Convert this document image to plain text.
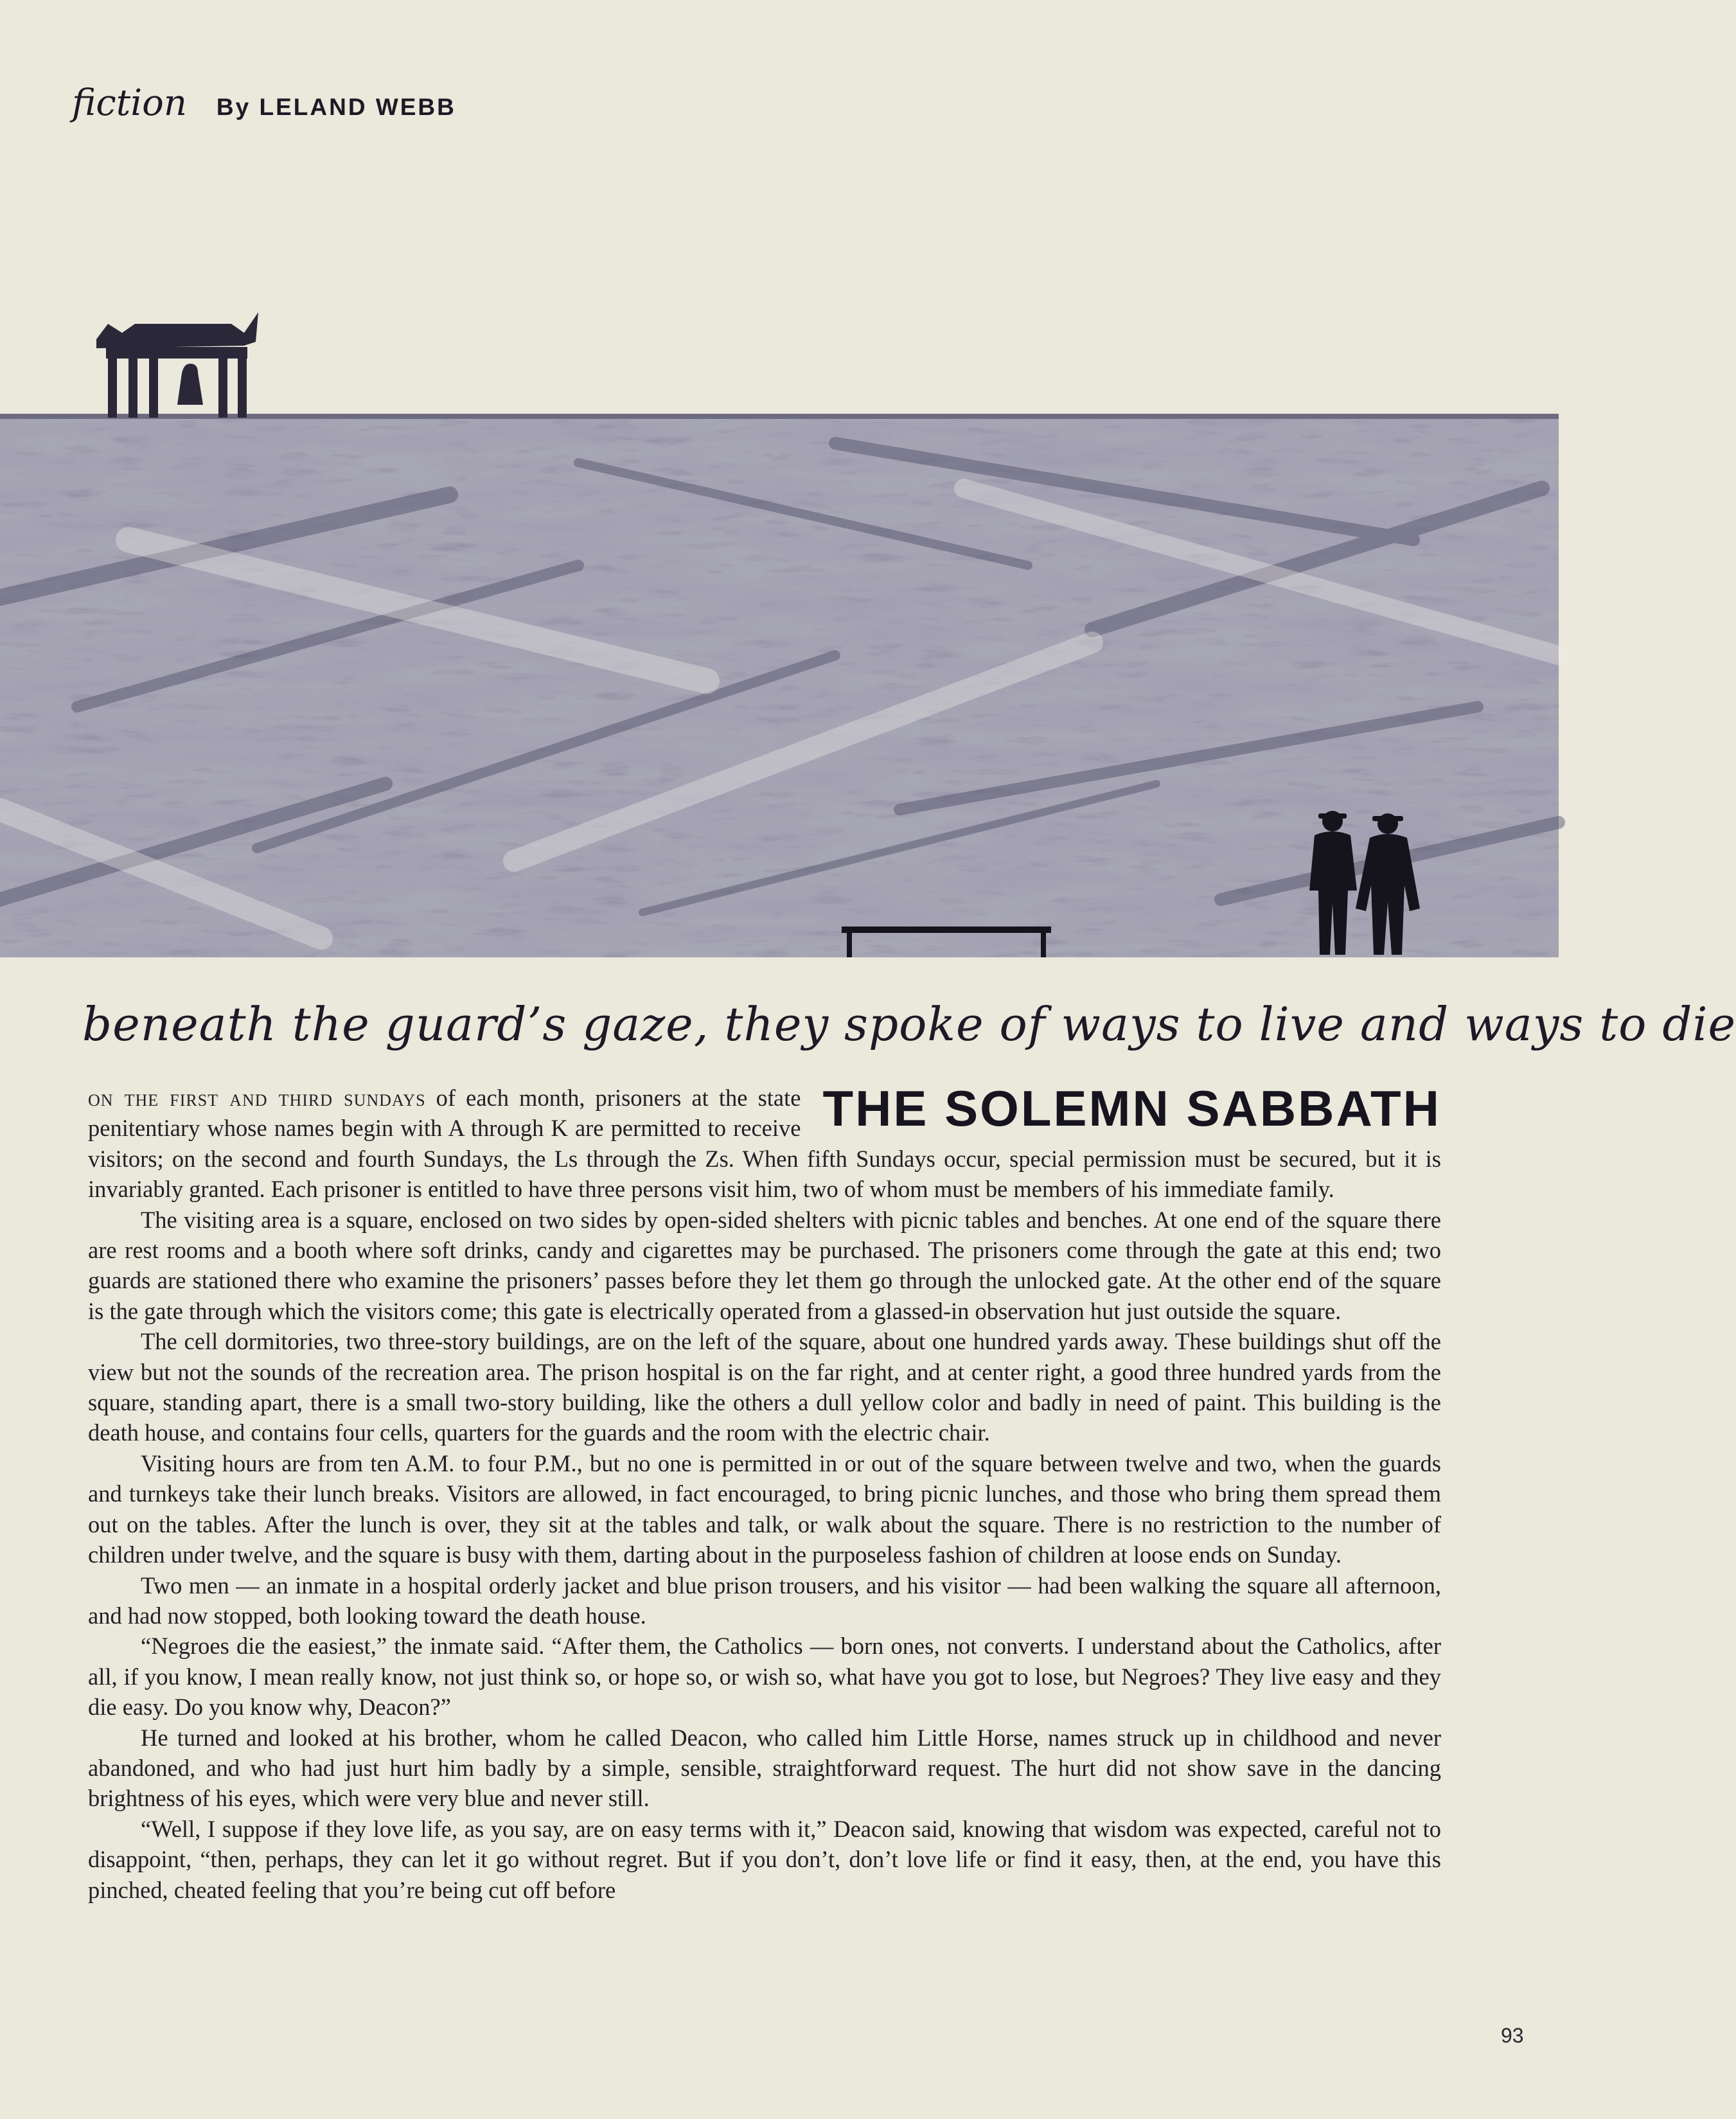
fiction By LELAND WEBB
beneath the guard’s gaze, they spoke of ways to live and ways to die
THE SOLEMN SABBATH

on the first and third sundays of each month, prisoners at the state penitentiary whose names begin with A through K are permitted to receive visitors; on the second and fourth Sundays, the Ls through the Zs. When fifth Sundays occur, special permission must be secured, but it is invariably granted. Each prisoner is entitled to have three persons visit him, two of whom must be members of his immediate family.

The visiting area is a square, enclosed on two sides by open-sided shelters with picnic tables and benches. At one end of the square there are rest rooms and a booth where soft drinks, candy and cigarettes may be purchased. The prisoners come through the gate at this end; two guards are stationed there who examine the prisoners’ passes before they let them go through the unlocked gate. At the other end of the square is the gate through which the visitors come; this gate is electrically operated from a glassed-in observation hut just outside the square.

The cell dormitories, two three-story buildings, are on the left of the square, about one hundred yards away. These buildings shut off the view but not the sounds of the recreation area. The prison hospital is on the far right, and at center right, a good three hundred yards from the square, standing apart, there is a small two-story building, like the others a dull yellow color and badly in need of paint. This building is the death house, and contains four cells, quarters for the guards and the room with the electric chair.

Visiting hours are from ten A.M. to four P.M., but no one is permitted in or out of the square between twelve and two, when the guards and turnkeys take their lunch breaks. Visitors are allowed, in fact encouraged, to bring picnic lunches, and those who bring them spread them out on the tables. After the lunch is over, they sit at the tables and talk, or walk about the square. There is no restriction to the number of children under twelve, and the square is busy with them, darting about in the purposeless fashion of children at loose ends on Sunday.

Two men — an inmate in a hospital orderly jacket and blue prison trousers, and his visitor — had been walking the square all afternoon, and had now stopped, both looking toward the death house.

“Negroes die the easiest,” the inmate said. “After them, the Catholics — born ones, not converts. I understand about the Catholics, after all, if you know, I mean really know, not just think so, or hope so, or wish so, what have you got to lose, but Negroes? They live easy and they die easy. Do you know why, Deacon?”

He turned and looked at his brother, whom he called Deacon, who called him Little Horse, names struck up in childhood and never abandoned, and who had just hurt him badly by a simple, sensible, straightforward request. The hurt did not show save in the dancing brightness of his eyes, which were very blue and never still.

“Well, I suppose if they love life, as you say, are on easy terms with it,” Deacon said, knowing that wisdom was expected, careful not to disappoint, “then, perhaps, they can let it go without regret. But if you don’t, don’t love life or find it easy, then, at the end, you have this pinched, cheated feeling that you’re being cut off before

93
